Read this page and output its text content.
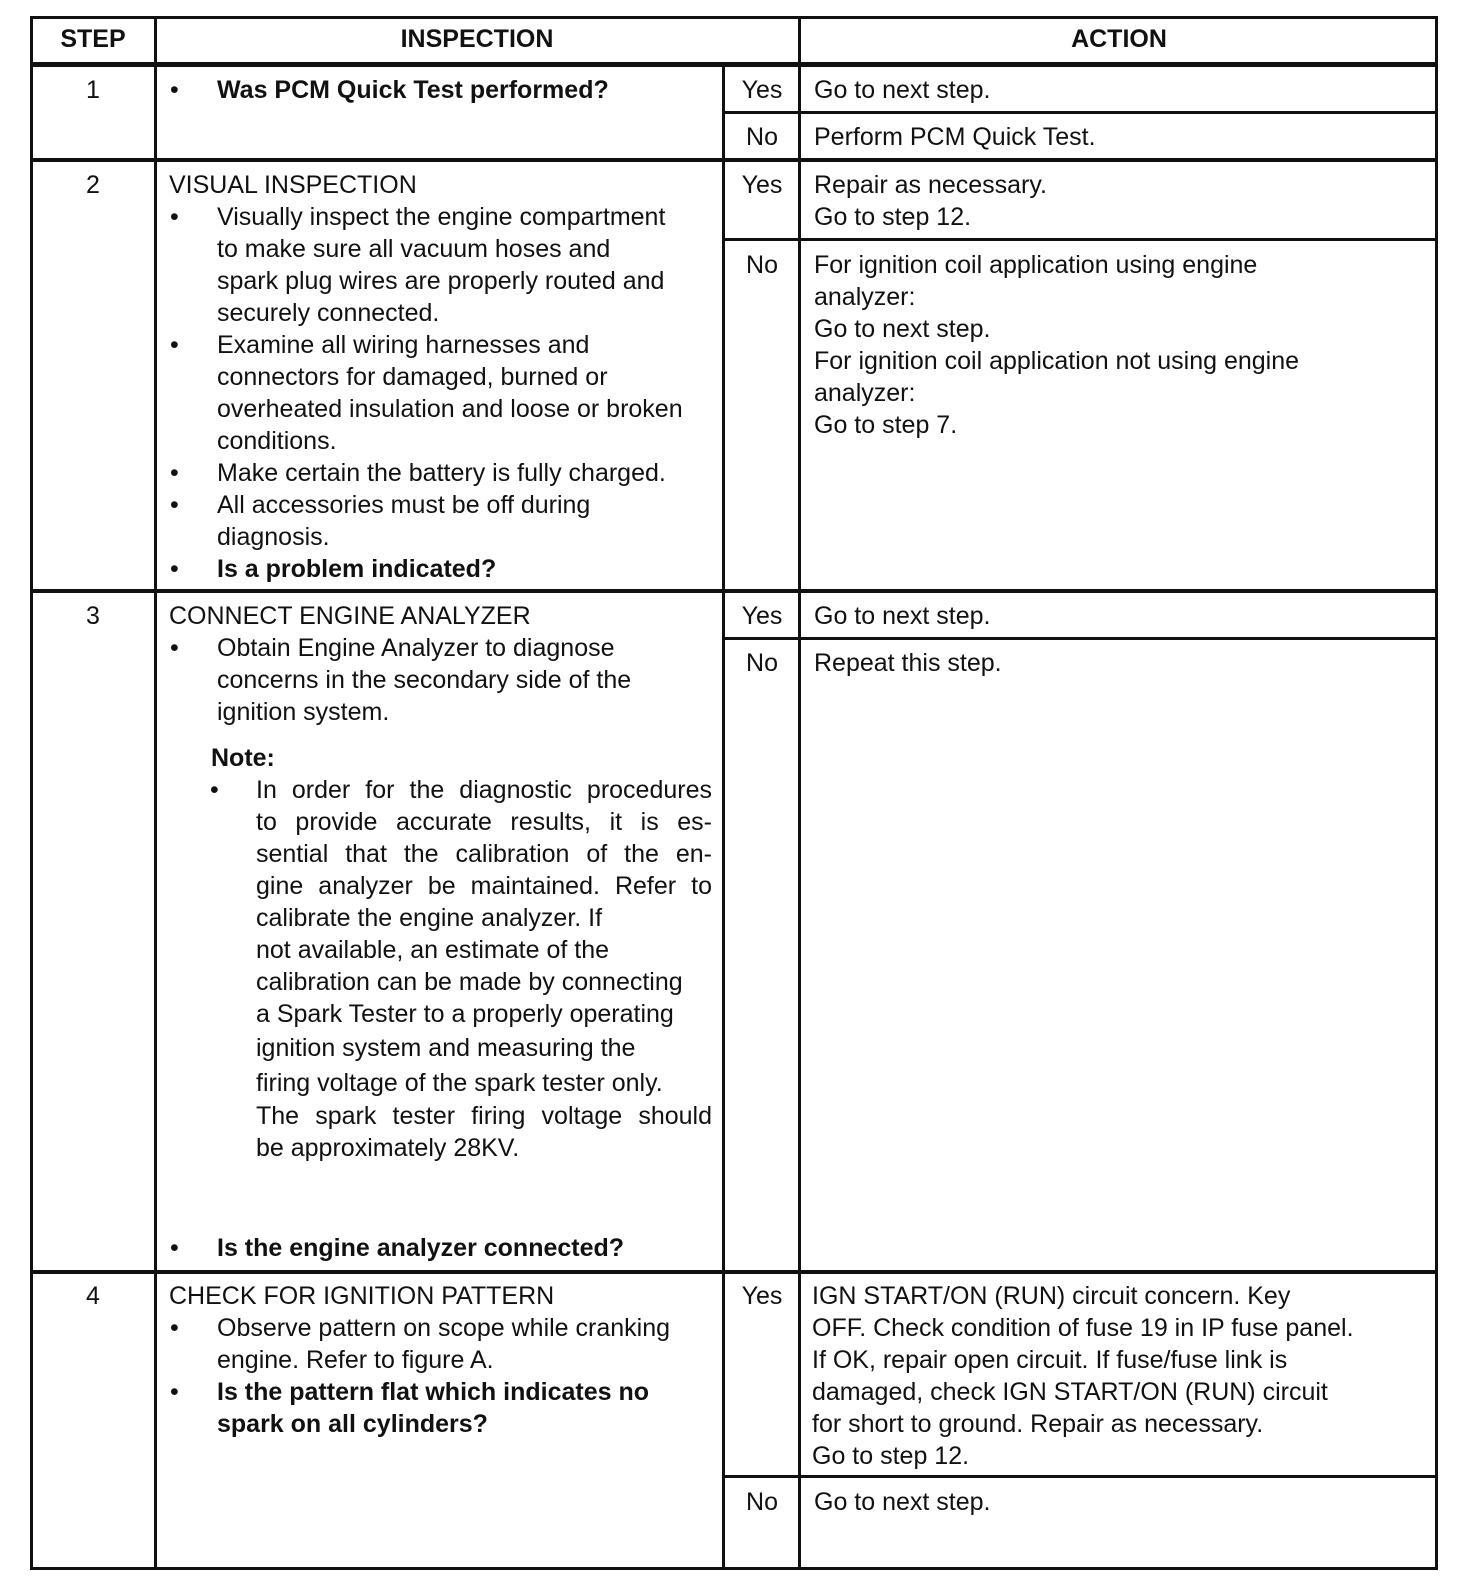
STEP	INSPECTION	ACTION
1	• Was PCM Quick Test performed?	Yes	Go to next step.
No	Perform PCM Quick Test.
2	VISUAL INSPECTION
• Visually inspect the engine compartment
to make sure all vacuum hoses and
spark plug wires are properly routed and
securely connected.
• Examine all wiring harnesses and
connectors for damaged, burned or
overheated insulation and loose or broken
conditions.
• Make certain the battery is fully charged.
• All accessories must be off during
diagnosis.
• Is a problem indicated?
Yes	Repair as necessary.
Go to step 12.
No	For ignition coil application using engine
analyzer:
Go to next step.
For ignition coil application not using engine
analyzer:
Go to step 7.
3	CONNECT ENGINE ANALYZER
• Obtain Engine Analyzer to diagnose
concerns in the secondary side of the
ignition system.
Note:
• In order for the diagnostic procedures
to provide accurate results, it is es-
sential that the calibration of the en-
gine analyzer be maintained. Refer to
calibrate the engine analyzer. If
not available, an estimate of the
calibration can be made by connecting
a Spark Tester to a properly operating
ignition system and measuring the
firing voltage of the spark tester only.
The spark tester firing voltage should
be approximately 28KV.
• Is the engine analyzer connected?
Yes	Go to next step.
No	Repeat this step.
4	CHECK FOR IGNITION PATTERN
• Observe pattern on scope while cranking
engine. Refer to figure A.
• Is the pattern flat which indicates no
spark on all cylinders?
Yes	IGN START/ON (RUN) circuit concern. Key
OFF. Check condition of fuse 19 in IP fuse panel.
If OK, repair open circuit. If fuse/fuse link is
damaged, check IGN START/ON (RUN) circuit
for short to ground. Repair as necessary.
Go to step 12.
No	Go to next step.
